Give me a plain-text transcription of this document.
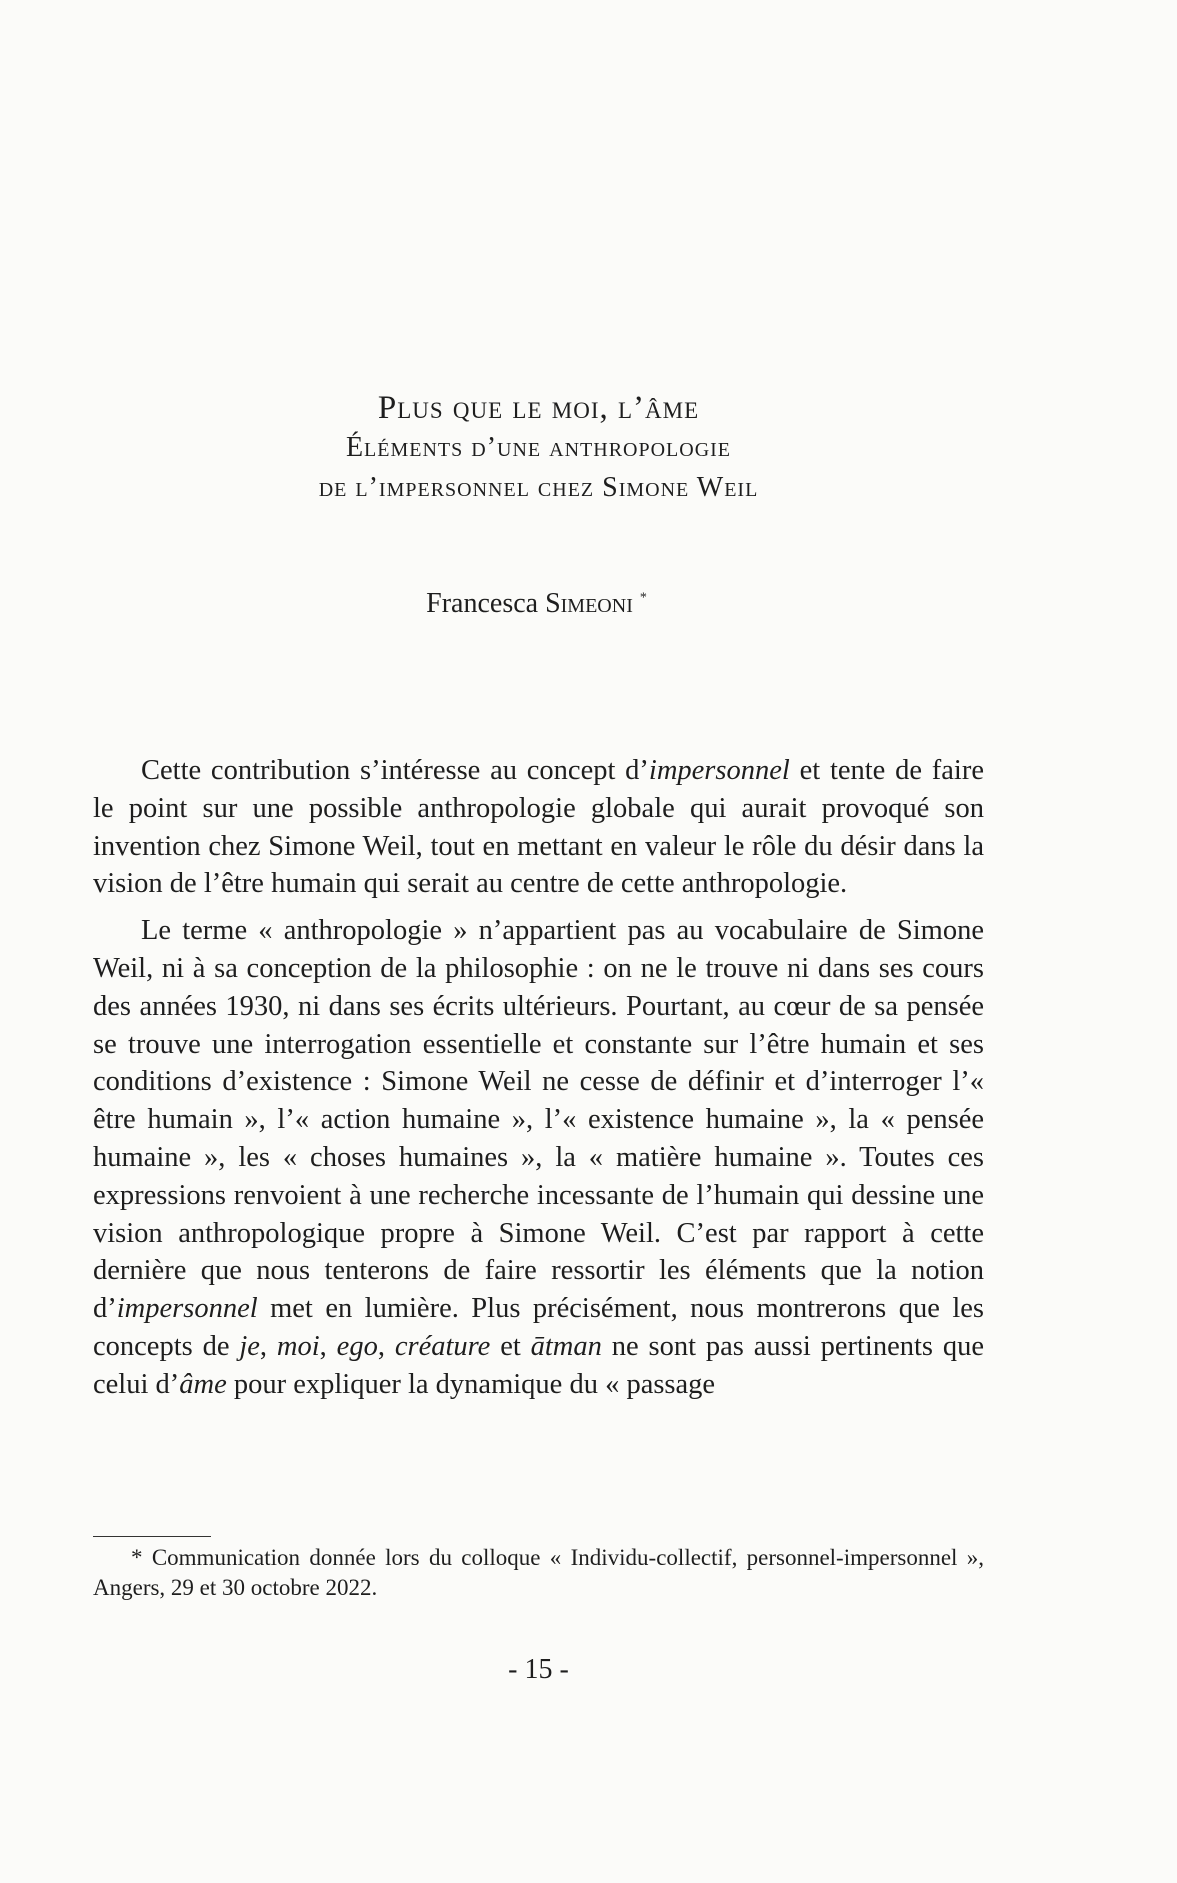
Plus que le moi, l’âme
Éléments d’une anthropologie
de l’impersonnel chez Simone Weil
Francesca Simeoni *

Cette contribution s’intéresse au concept d’impersonnel et tente de faire le point sur une possible anthropologie globale qui aurait provoqué son invention chez Simone Weil, tout en mettant en valeur le rôle du désir dans la vision de l’être humain qui serait au centre de cette anthropologie.

Le terme « anthropologie » n’appartient pas au vocabulaire de Simone Weil, ni à sa conception de la philosophie : on ne le trouve ni dans ses cours des années 1930, ni dans ses écrits ultérieurs. Pourtant, au cœur de sa pensée se trouve une interrogation essentielle et constante sur l’être humain et ses conditions d’existence : Simone Weil ne cesse de définir et d’interroger l’« être humain », l’« action humaine », l’« existence humaine », la « pensée humaine », les « choses humaines », la « matière humaine ». Toutes ces expressions renvoient à une recherche incessante de l’humain qui dessine une vision anthropologique propre à Simone Weil. C’est par rapport à cette dernière que nous tenterons de faire ressortir les éléments que la notion d’impersonnel met en lumière. Plus précisément, nous montrerons que les concepts de je, moi, ego, créature et ātman ne sont pas aussi pertinents que celui d’âme pour expliquer la dynamique du « passage

* Communication donnée lors du colloque « Individu-collectif, personnel-impersonnel », Angers, 29 et 30 octobre 2022.
- 15 -
